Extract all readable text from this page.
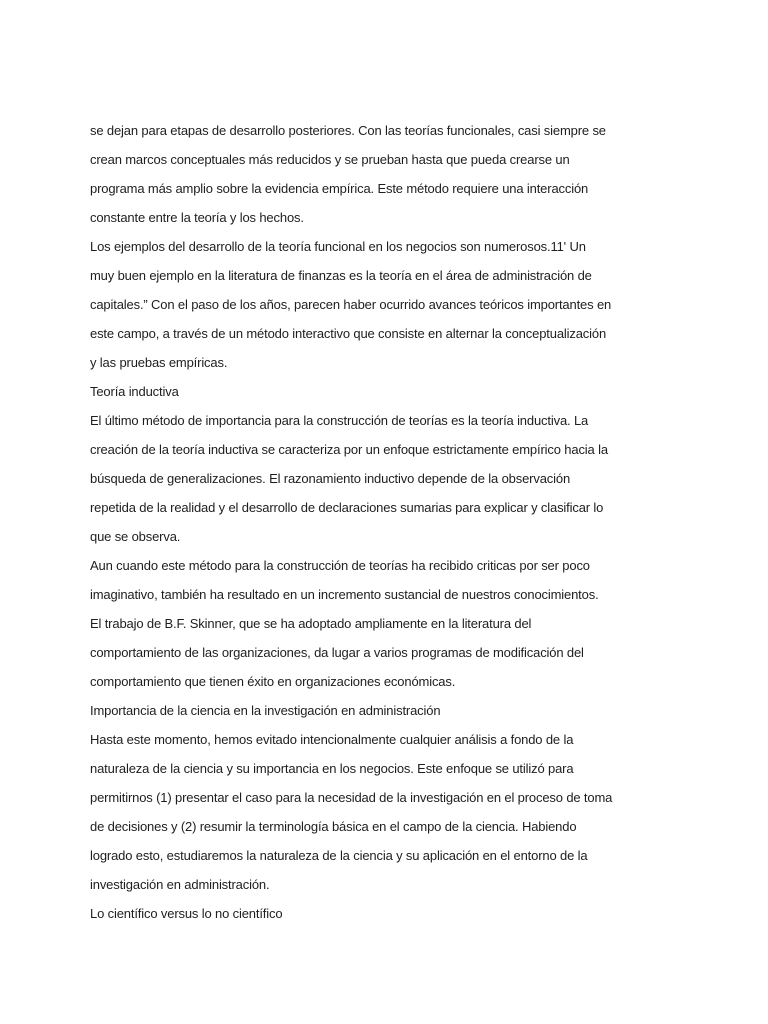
se dejan para etapas de desarrollo posteriores. Con las teorías funcionales, casi siempre se
crean marcos conceptuales más reducidos y se prueban hasta que pueda crearse un
programa más amplio sobre la evidencia empírica. Este método requiere una interacción
constante entre la teoría y los hechos.
Los ejemplos del desarrollo de la teoría funcional en los negocios son numerosos.11' Un
muy buen ejemplo en la literatura de finanzas es la teoría en el área de administración de
capitales.” Con el paso de los años, parecen haber ocurrido avances teóricos importantes en
este campo, a través de un método interactivo que consiste en alternar la conceptualización
y las pruebas empíricas.
Teoría inductiva
El último método de importancia para la construcción de teorías es la teoría inductiva. La
creación de la teoría inductiva se caracteriza por un enfoque estrictamente empírico hacia la
búsqueda de generalizaciones. El razonamiento inductivo depende de la observación
repetida de la realidad y el desarrollo de declaraciones sumarias para explicar y clasificar lo
que se observa.
Aun cuando este método para la construcción de teorías ha recibido criticas por ser poco
imaginativo, también ha resultado en un incremento sustancial de nuestros conocimientos.
El trabajo de B.F. Skinner, que se ha adoptado ampliamente en la literatura del
comportamiento de las organizaciones, da lugar a varios programas de modificación del
comportamiento que tienen éxito en organizaciones económicas.
Importancia de la ciencia en la investigación en administración
Hasta este momento, hemos evitado intencionalmente cualquier análisis a fondo de la
naturaleza de la ciencia y su importancia en los negocios. Este enfoque se utilizó para
permitirnos (1) presentar el caso para la necesidad de la investigación en el proceso de toma
de decisiones y (2) resumir la terminología básica en el campo de la ciencia. Habiendo
logrado esto, estudiaremos la naturaleza de la ciencia y su aplicación en el entorno de la
investigación en administración.
Lo científico versus lo no científico
